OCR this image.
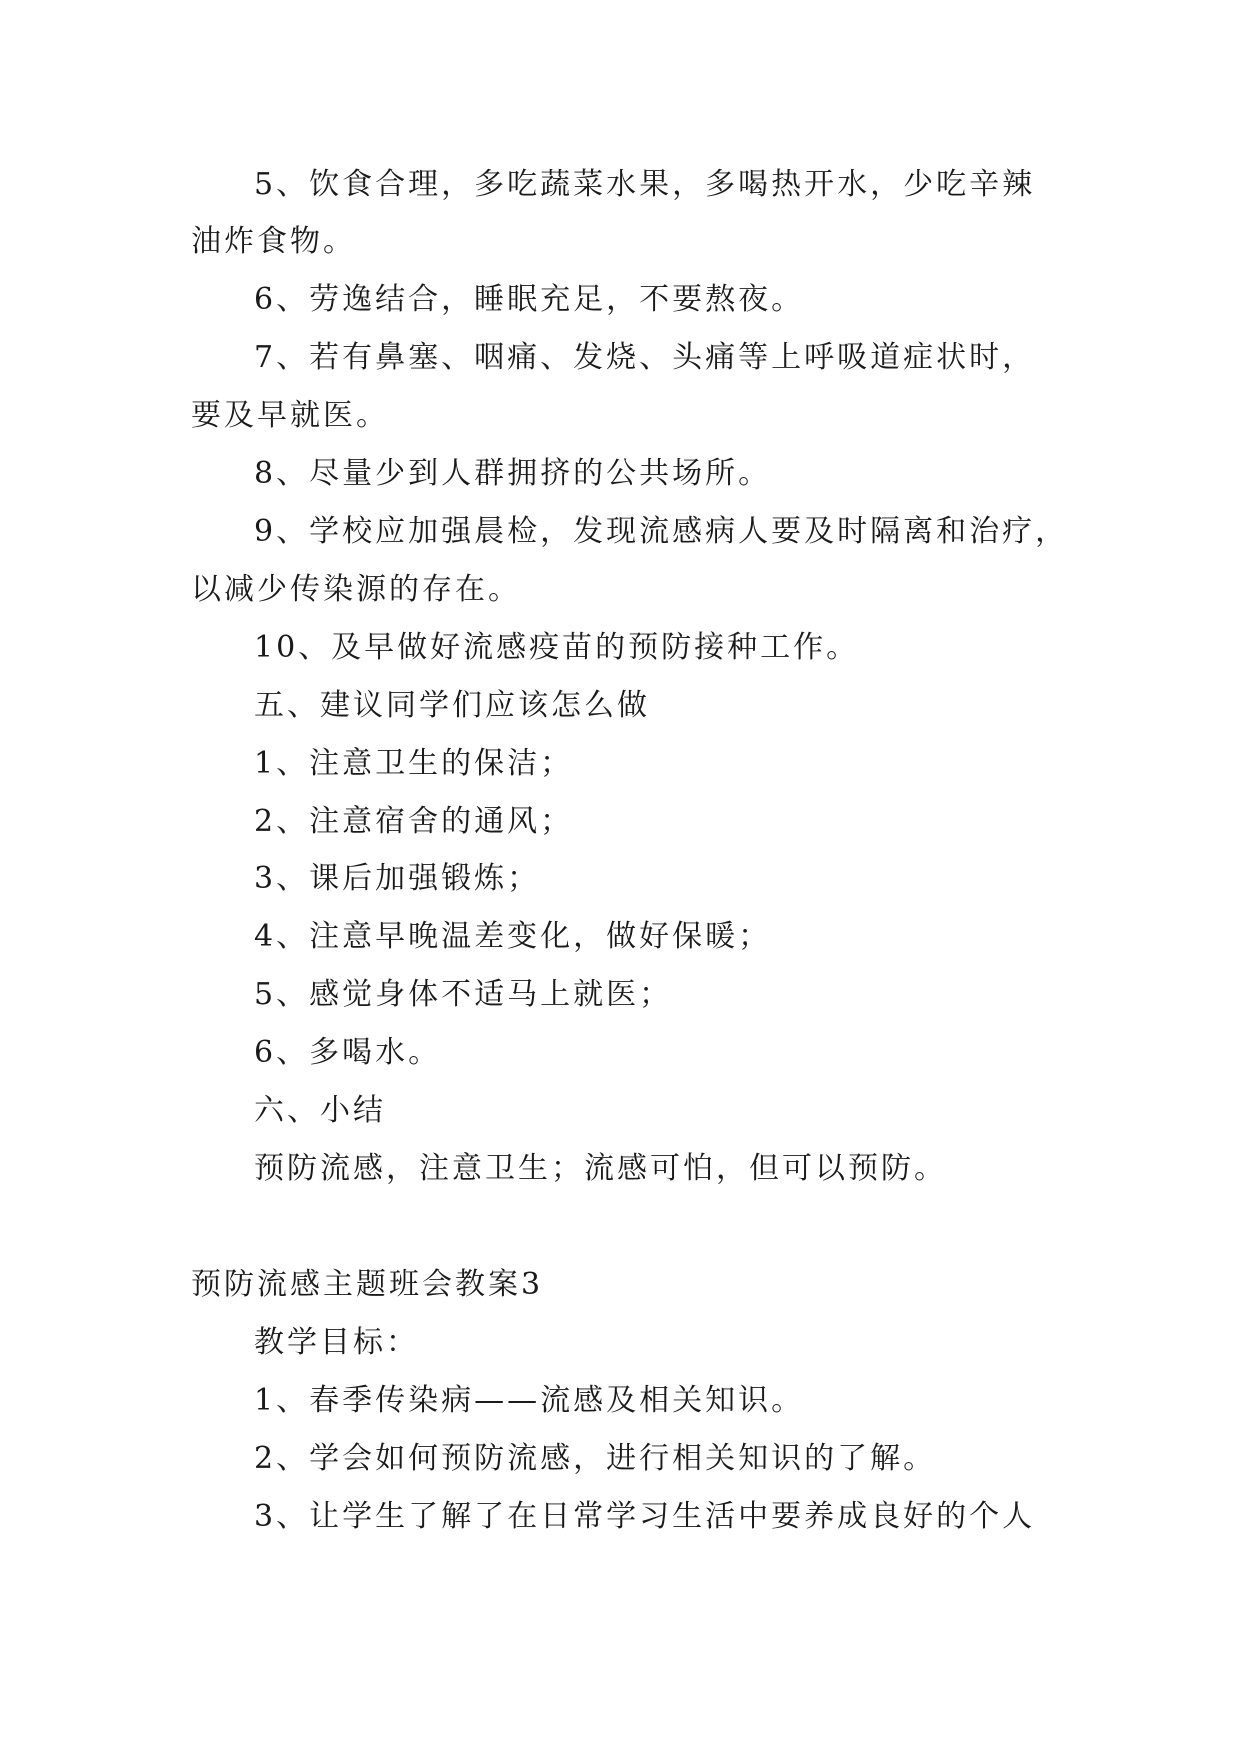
5、饮食合理，多吃蔬菜水果，多喝热开水，少吃辛辣
油炸食物。
6、劳逸结合，睡眠充足，不要熬夜。
7、若有鼻塞、咽痛、发烧、头痛等上呼吸道症状时，
要及早就医。
8、尽量少到人群拥挤的公共场所。
9、学校应加强晨检，发现流感病人要及时隔离和治疗，
以减少传染源的存在。
10、及早做好流感疫苗的预防接种工作。
五、建议同学们应该怎么做
1、注意卫生的保洁；
2、注意宿舍的通风；
3、课后加强锻炼；
4、注意早晚温差变化，做好保暖；
5、感觉身体不适马上就医；
6、多喝水。
六、小结
预防流感，注意卫生；流感可怕，但可以预防。
预防流感主题班会教案3
教学目标：
1、春季传染病——流感及相关知识。
2、学会如何预防流感，进行相关知识的了解。
3、让学生了解了在日常学习生活中要养成良好的个人
